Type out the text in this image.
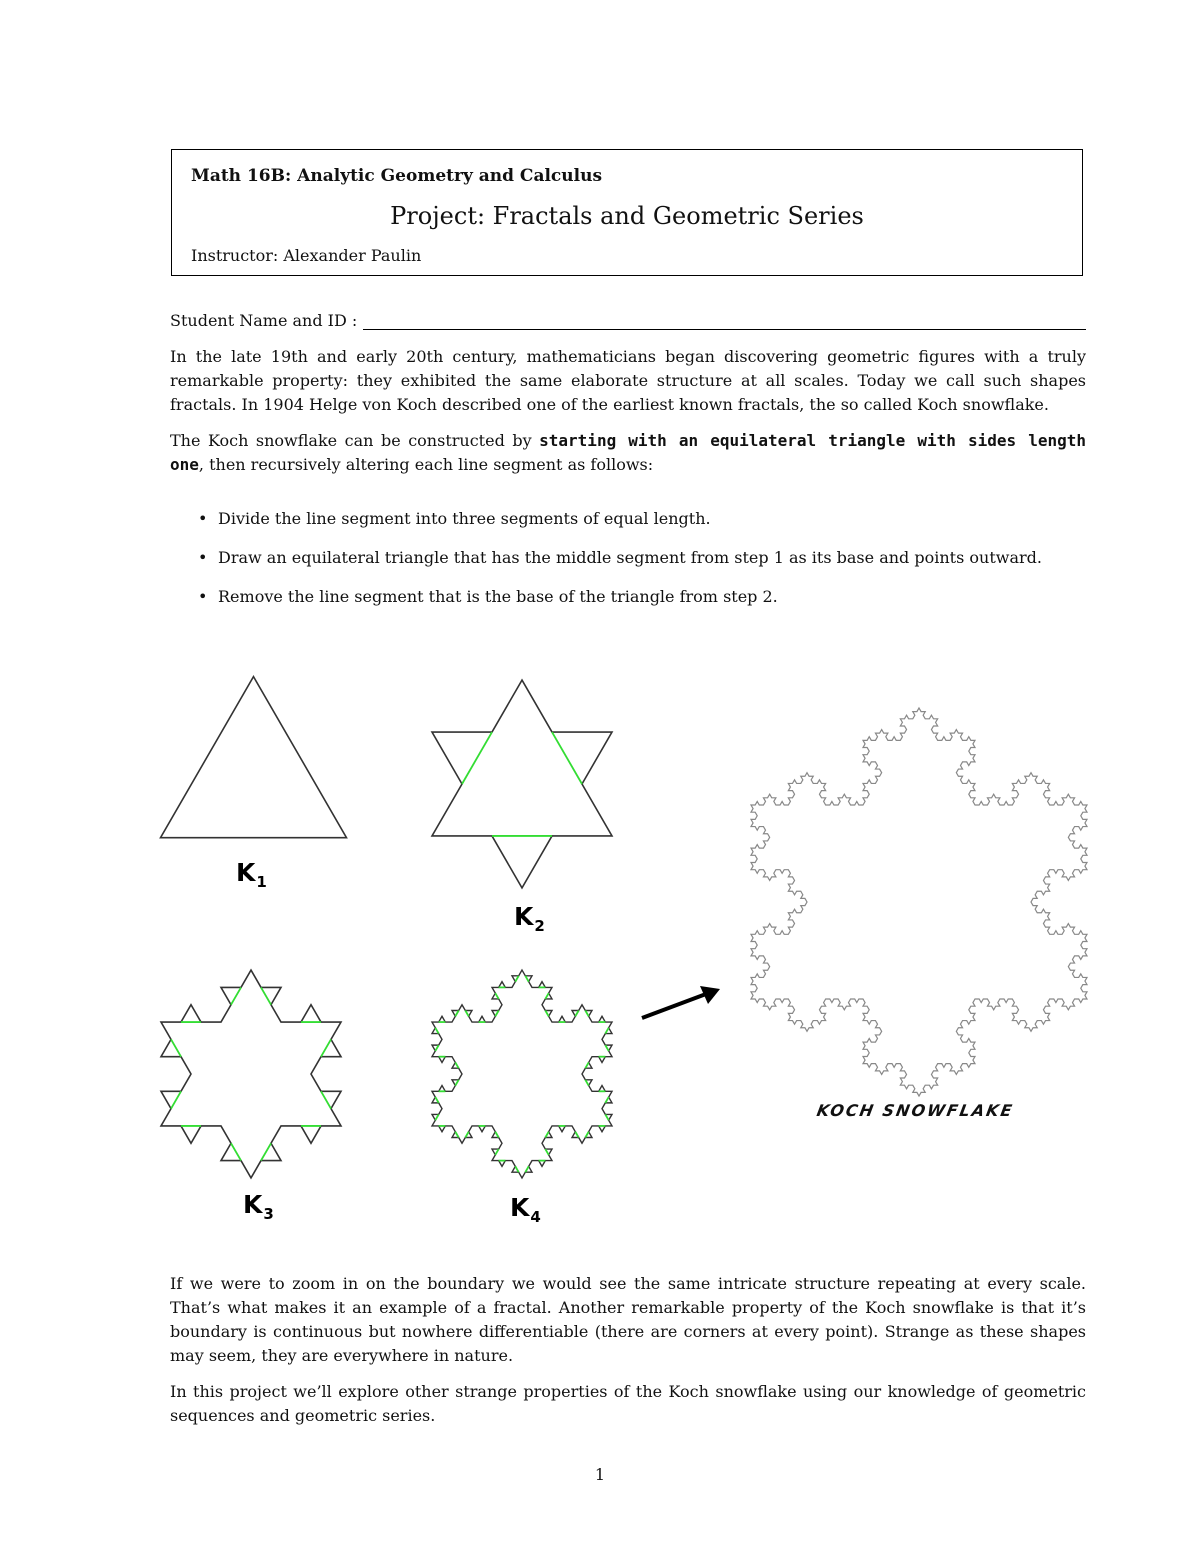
Math 16B: Analytic Geometry and Calculus
Project: Fractals and Geometric Series
Instructor: Alexander Paulin
Student Name and ID :

In the late 19th and early 20th century, mathematicians began discovering geometric figures with a truly remarkable property: they exhibited the same elaborate structure at all scales. Today we call such shapes fractals. In 1904 Helge von Koch described one of the earliest known fractals, the so called Koch snowflake.

The Koch snowflake can be constructed by starting with an equilateral triangle with sides length one, then recursively altering each line segment as follows:

• Divide the line segment into three segments of equal length.
• Draw an equilateral triangle that has the middle segment from step 1 as its base and points outward.
• Remove the line segment that is the base of the triangle from step 2.
$K_1$
$K_2$
$K_3$	$K_4$
KOCH SNOWFLAKE

If we were to zoom in on the boundary we would see the same intricate structure repeating at every scale. That’s what makes it an example of a fractal. Another remarkable property of the Koch snowflake is that it’s boundary is continuous but nowhere differentiable (there are corners at every point). Strange as these shapes may seem, they are everywhere in nature.

In this project we’ll explore other strange properties of the Koch snowflake using our knowledge of geometric sequences and geometric series.

1
